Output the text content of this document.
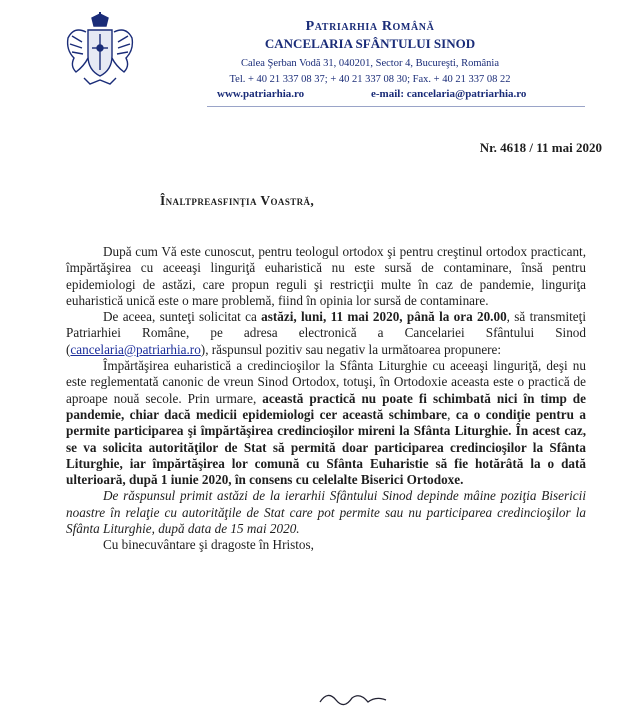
Patriarhia Română
CANCELARIA SFÂNTULUI SINOD
Calea Şerban Vodă 31, 040201, Sector 4, Bucureşti, România
Tel. + 40 21 337 08 37; + 40 21 337 08 30; Fax. + 40 21 337 08 22
www.patriarhia.ro	e-mail: cancelaria@patriarhia.ro
Nr. 4618 / 11 mai 2020
Înaltpreasfinţia Voastră,

După cum Vă este cunoscut, pentru teologul ortodox şi pentru creştinul ortodox practicant, împărtăşirea cu aceeaşi linguriţă euharistică nu este sursă de contaminare, însă pentru epidemiologi de astăzi, care propun reguli şi restricţii multe în caz de pandemie, linguriţa euharistică unică este o mare problemă, fiind în opinia lor sursă de contaminare.

De aceea, sunteţi solicitat ca astăzi, luni, 11 mai 2020, până la ora 20.00, să transmiteţi Patriarhiei Române, pe adresa electronică a Cancelariei Sfântului Sinod (cancelaria@patriarhia.ro), răspunsul pozitiv sau negativ la următoarea propunere:

Împărtăşirea euharistică a credincioşilor la Sfânta Liturghie cu aceeaşi linguriţă, deşi nu este reglementată canonic de vreun Sinod Ortodox, totuşi, în Ortodoxie aceasta este o practică de aproape nouă secole. Prin urmare, această practică nu poate fi schimbată nici în timp de pandemie, chiar dacă medicii epidemiologi cer această schimbare, ca o condiţie pentru a permite participarea şi împărtăşirea credincioşilor mireni la Sfânta Liturghie. În acest caz, se va solicita autorităţilor de Stat să permită doar participarea credincioşilor la Sfânta Liturghie, iar împărtăşirea lor comună cu Sfânta Euharistie să fie hotărâtă la o dată ulterioară, după 1 iunie 2020, în consens cu celelalte Biserici Ortodoxe.

De răspunsul primit astăzi de la ierarhii Sfântului Sinod depinde mâine poziţia Bisericii noastre în relaţie cu autorităţile de Stat care pot permite sau nu participarea credincioşilor la Sfânta Liturghie, după data de 15 mai 2020.

Cu binecuvântare şi dragoste în Hristos,
